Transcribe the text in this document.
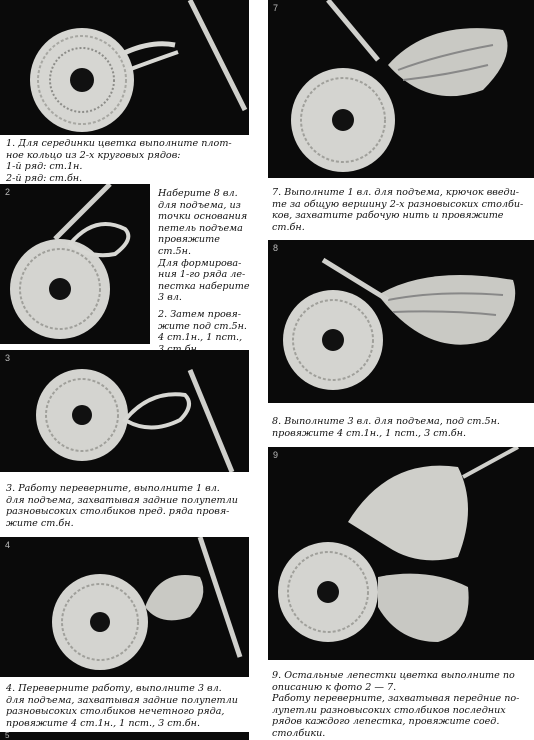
1. Для серединки цветка выполните плот-
ное кольцо из 2-х круговых рядов:
1-й ряд: ст.1н.
2-й ряд: ст.бн.
2	Наберите 8 вл.
для подъема, из
точки основания
петель подъема
провяжите ст.5н.
Для формирова-
ния 1-го ряда ле-
пестка наберите
3 вл.

2. Затем провя-
жите под ст.5н.
4 ст.1н., 1 пст.,

3
3. Работу переверните, выполните 1 вл.
для подъема, захватывая задние полупетли
разновысоких столбиков пред. ряда провя-
жите ст.бн.
4
4. Переверните работу, выполните 3 вл.
для подъема, захватывая задние полупетли
разновысоких столбиков нечетного ряда,
провяжите 4 ст.1н., 1 пст., 3 ст.бн.
5
7
7. Выполните 1 вл. для подъема, крючок введи-
те за общую вершину 2-х разновысоких столби-
ков, захватите рабочую нить и провяжите
ст.бн.
8
8. Выполните 3 вл. для подъема, под ст.5н.
провяжите 4 ст.1н., 1 пст., 3 ст.бн.
9
9. Остальные лепестки цветка выполните по
описанию к фото 2 — 7.
Работу переверните, захватывая передние по-
лупетли разновысоких столбиков последних
рядов каждого лепестка, провяжите соед.
столбики.
